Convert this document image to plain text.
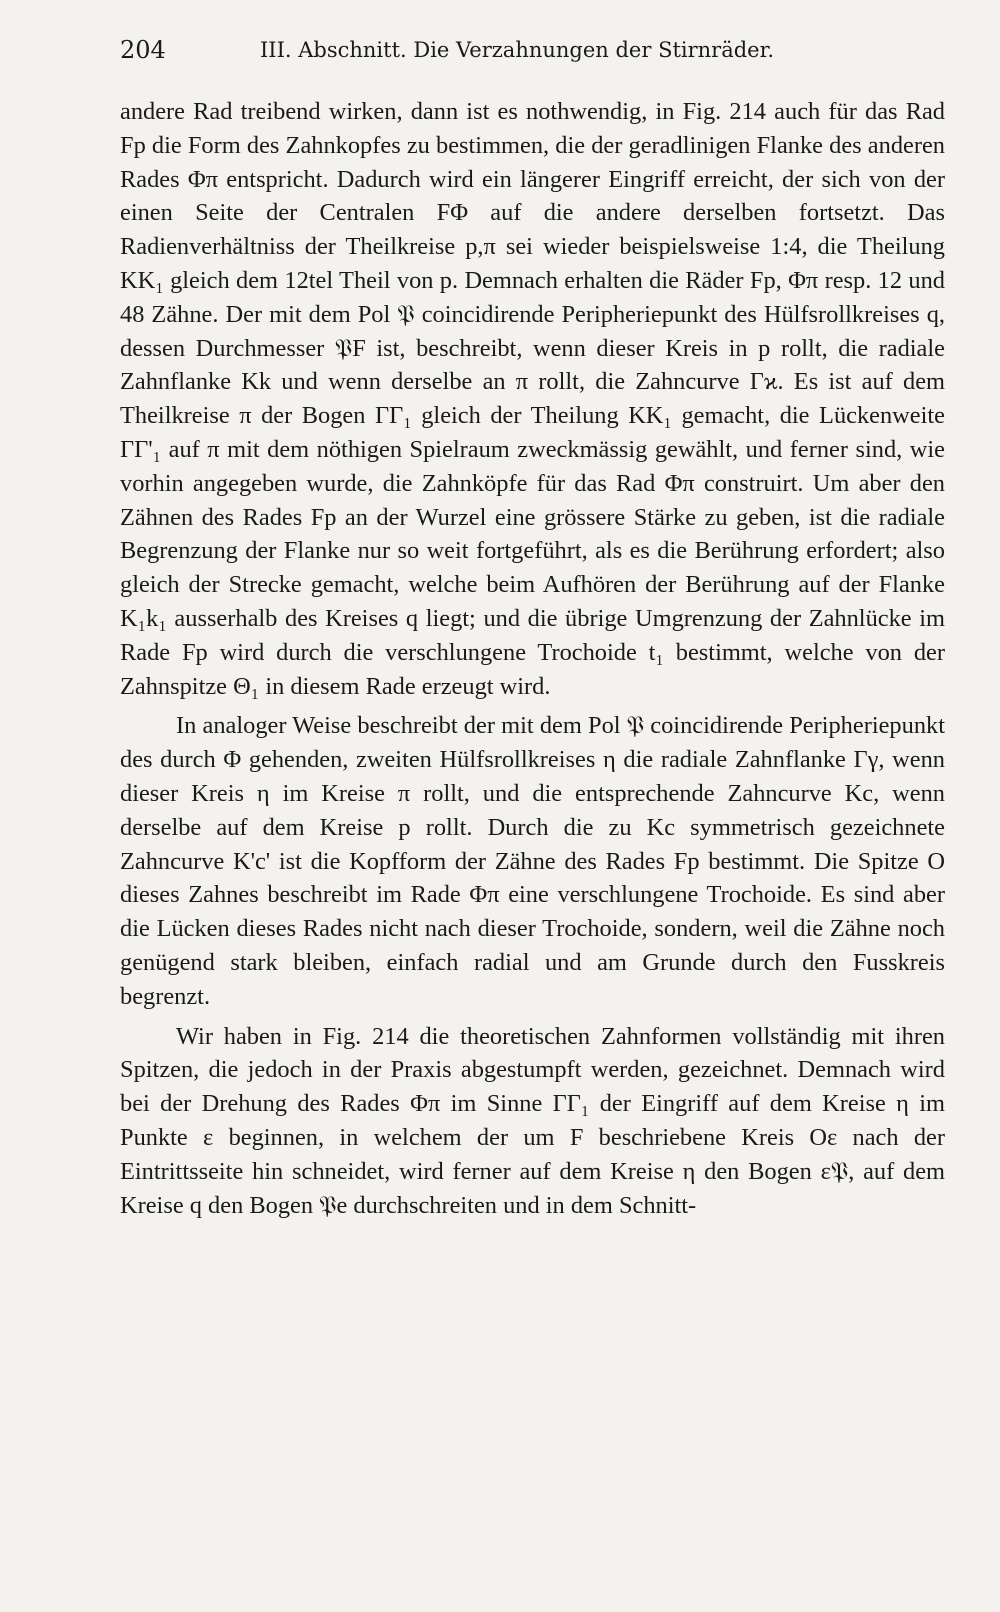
204	III. Abschnitt. Die Verzahnungen der Stirnräder.

andere Rad treibend wirken, dann ist es nothwendig, in Fig. 214 auch für das Rad Fp die Form des Zahnkopfes zu bestimmen, die der geradlinigen Flanke des anderen Rades Φπ entspricht. Dadurch wird ein längerer Eingriff erreicht, der sich von der einen Seite der Centralen FΦ auf die andere derselben fortsetzt. Das Radienverhältniss der Theilkreise p,π sei wieder beispielsweise 1:4, die Theilung KK₁ gleich dem 12tel Theil von p. Demnach erhalten die Räder Fp, Φπ resp. 12 und 48 Zähne. Der mit dem Pol 𝔓 coincidirende Peripheriepunkt des Hülfsrollkreises q, dessen Durchmesser 𝔓F ist, beschreibt, wenn dieser Kreis in p rollt, die radiale Zahnflanke Kk und wenn derselbe an π rollt, die Zahncurve Γϰ. Es ist auf dem Theilkreise π der Bogen ΓΓ₁ gleich der Theilung KK₁ gemacht, die Lückenweite ΓΓ'₁ auf π mit dem nöthigen Spielraum zweckmässig gewählt, und ferner sind, wie vorhin angegeben wurde, die Zahnköpfe für das Rad Φπ construirt. Um aber den Zähnen des Rades Fp an der Wurzel eine grössere Stärke zu geben, ist die radiale Begrenzung der Flanke nur so weit fortgeführt, als es die Berührung erfordert; also gleich der Strecke gemacht, welche beim Aufhören der Berührung auf der Flanke K₁k₁ ausserhalb des Kreises q liegt; und die übrige Umgrenzung der Zahnlücke im Rade Fp wird durch die verschlungene Trochoide t₁ bestimmt, welche von der Zahnspitze Θ₁ in diesem Rade erzeugt wird.

In analoger Weise beschreibt der mit dem Pol 𝔓 coincidirende Peripheriepunkt des durch Φ gehenden, zweiten Hülfsrollkreises η die radiale Zahnflanke Γγ, wenn dieser Kreis η im Kreise π rollt, und die entsprechende Zahncurve Kc, wenn derselbe auf dem Kreise p rollt. Durch die zu Kc symmetrisch gezeichnete Zahncurve K'c' ist die Kopfform der Zähne des Rades Fp bestimmt. Die Spitze O dieses Zahnes beschreibt im Rade Φπ eine verschlungene Trochoide. Es sind aber die Lücken dieses Rades nicht nach dieser Trochoide, sondern, weil die Zähne noch genügend stark bleiben, einfach radial und am Grunde durch den Fusskreis begrenzt.

Wir haben in Fig. 214 die theoretischen Zahnformen vollständig mit ihren Spitzen, die jedoch in der Praxis abgestumpft werden, gezeichnet. Demnach wird bei der Drehung des Rades Φπ im Sinne ΓΓ₁ der Eingriff auf dem Kreise η im Punkte ε beginnen, in welchem der um F beschriebene Kreis Oε nach der Eintrittsseite hin schneidet, wird ferner auf dem Kreise η den Bogen ε𝔓, auf dem Kreise q den Bogen 𝔓e durchschreiten und in dem Schnitt-
